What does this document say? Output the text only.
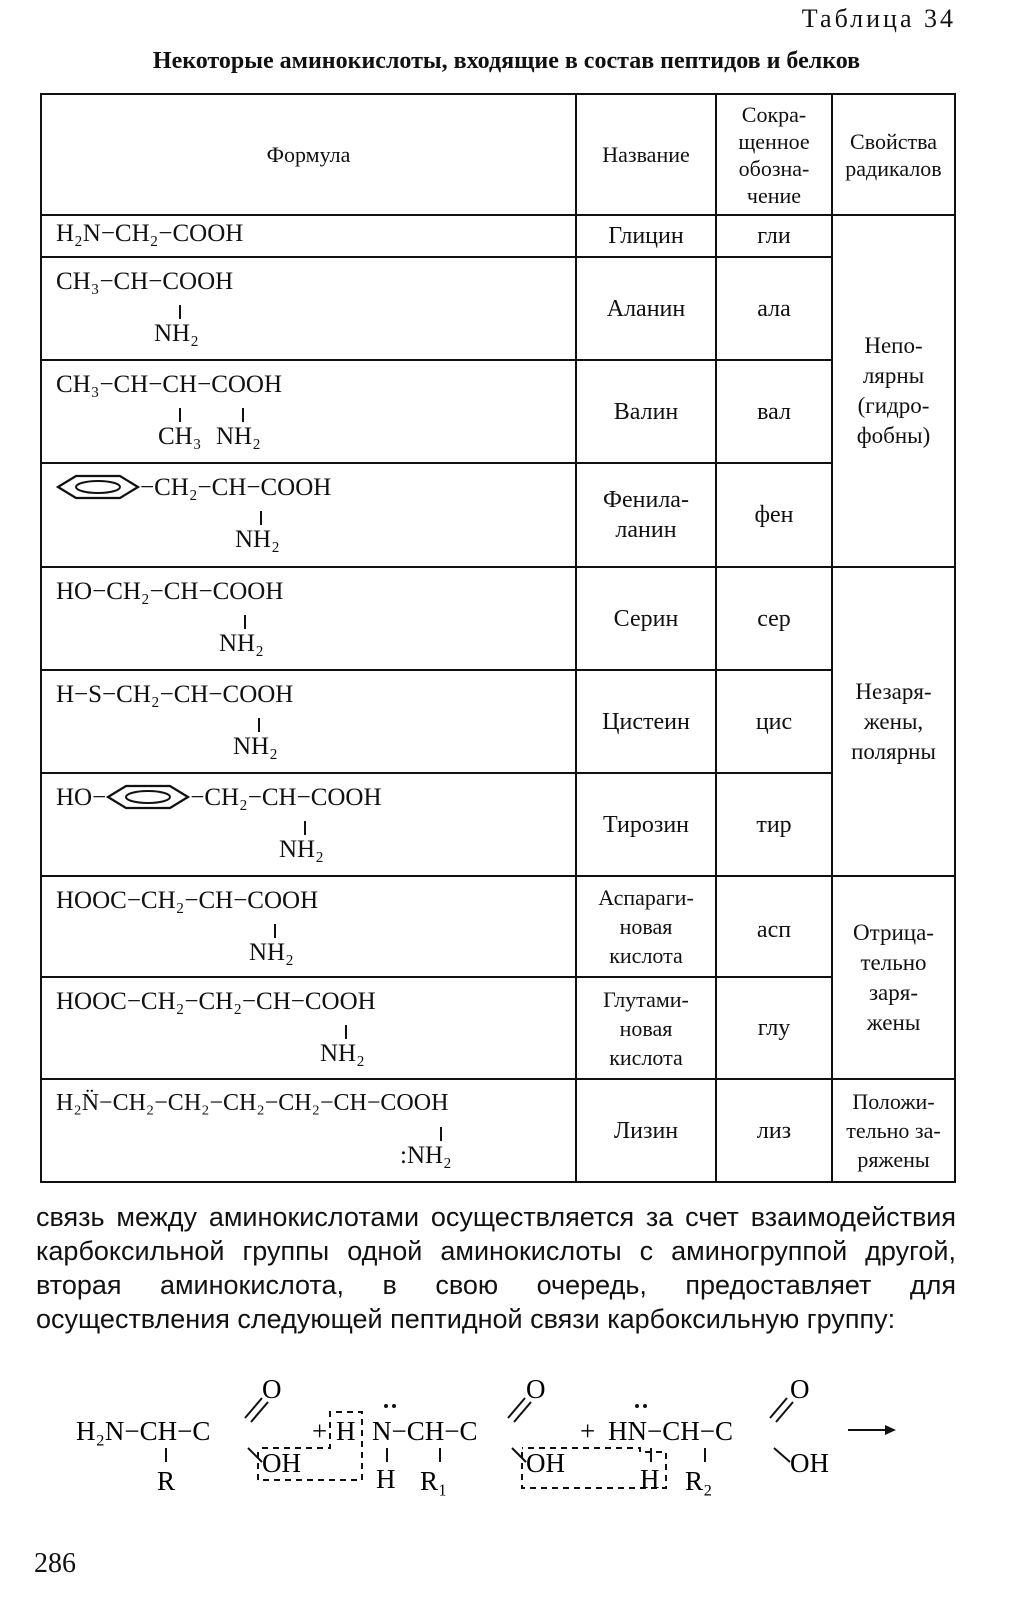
Таблица 34
Некоторые аминокислоты, входящие в состав пептидов и белков
Формула	Название	Сокра-
щенное
обозна-
чение	Свойства
радикалов

H₂N−CH₂−COOH	Глицин	гли	Непо-
лярны
(гидро-
фобны)

CH₃−CH−COOH
NH₂	Аланин	ала	

CH₃−CH−CH−COOH
CH₃ NH₂	Валин	вал	

−CH₂−CH−COOH
NH₂	Фенила-
ланин	фен	

HO−CH₂−CH−COOH
NH₂	Серин	сер	Незаря-
жены,
полярны

H−S−CH₂−CH−COOH
NH₂	Цистеин	цис	

HO− −CH₂−CH−COOH
NH₂	Тирозин	тир	

HOOC−CH₂−CH−COOH
NH₂	Аспараги-
новая
кислота	асп	Отрица-
тельно
заря-
жены

HOOC−CH₂−CH₂−CH−COOH
NH₂	Глутами-
новая
кислота	глу	

H₂N̈−CH₂−CH₂−CH₂−CH₂−CH−COOH
:NH₂	Лизин	лиз	Положи-
тельно за-
ряжены
связь между аминокислотами осуществляется за счет взаимодействия карбоксильной группы одной аминокислоты с аминогруппой другой, вторая аминокислота, в свою очередь, предоставляет для осуществления следующей пептидной связи карбоксильную группу:
H₂N−CH−C
R
O
OH
+ H N−CH−C
H R₁
O
OH
+ HN−CH−C
H R₂
O
OH
286
